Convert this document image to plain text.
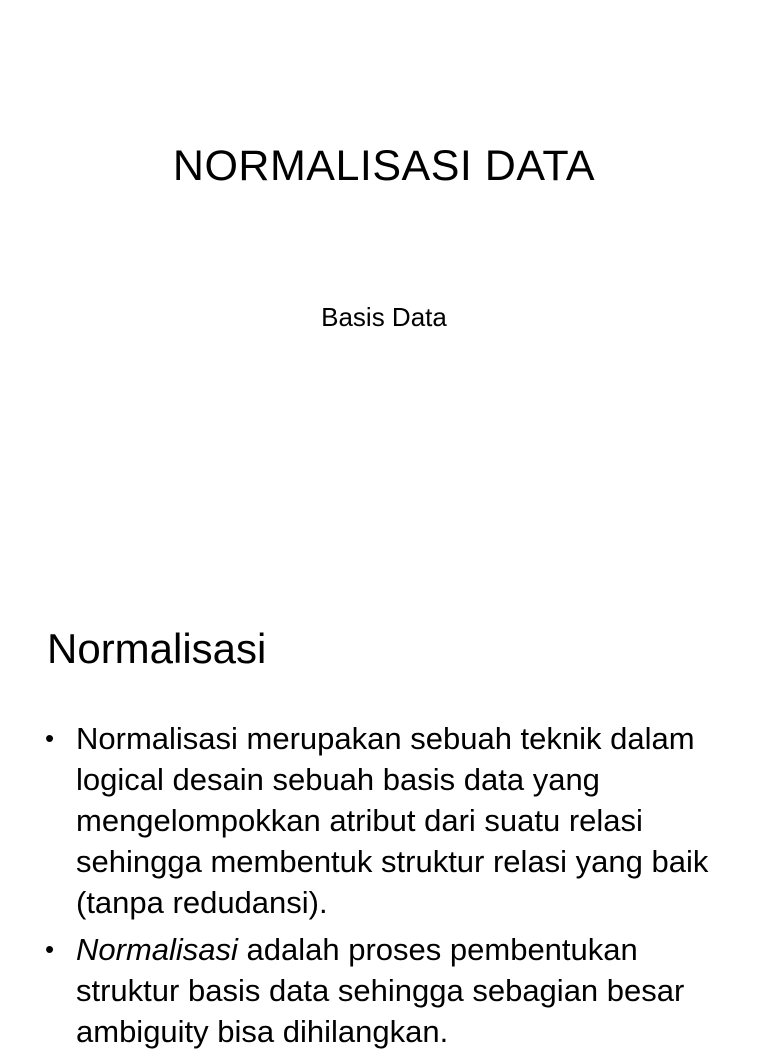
NORMALISASI DATA

Basis Data

Normalisasi
• Normalisasi merupakan sebuah teknik dalam logical desain sebuah basis data yang mengelompokkan atribut dari suatu relasi sehingga membentuk struktur relasi yang baik (tanpa redudansi).
• Normalisasi adalah proses pembentukan struktur basis data sehingga sebagian besar ambiguity bisa dihilangkan.
